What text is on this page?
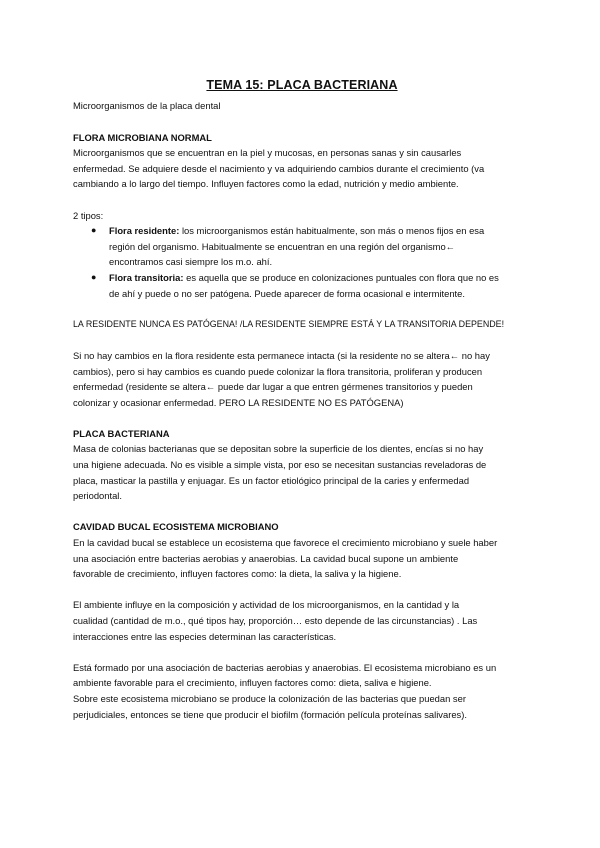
TEMA 15: PLACA BACTERIANA

Microorganismos de la placa dental

FLORA MICROBIANA NORMAL

Microorganismos que se encuentran en la piel y mucosas, en personas sanas y sin causarles

enfermedad. Se adquiere desde el nacimiento y va adquiriendo cambios durante el crecimiento (va

cambiando a lo largo del tiempo. Influyen factores como la edad, nutrición y medio ambiente.

2 tipos:

● Flora residente: los microorganismos están habitualmente, son más o menos fijos en esa
región del organismo. Habitualmente se encuentran en una región del organismo←
encontramos casi siempre los m.o. ahí.
● Flora transitoria: es aquella que se produce en colonizaciones puntuales con flora que no es
de ahí y puede o no ser patógena. Puede aparecer de forma ocasional e intermitente.

LA RESIDENTE NUNCA ES PATÓGENA! /LA RESIDENTE SIEMPRE ESTÁ Y LA TRANSITORIA DEPENDE!

Si no hay cambios en la flora residente esta permanece intacta (si la residente no se altera← no hay

cambios), pero si hay cambios es cuando puede colonizar la flora transitoria, proliferan y producen

enfermedad (residente se altera← puede dar lugar a que entren gérmenes transitorios y pueden

colonizar y ocasionar enfermedad. PERO LA RESIDENTE NO ES PATÓGENA)

PLACA BACTERIANA

Masa de colonias bacterianas que se depositan sobre la superficie de los dientes, encías si no hay

una higiene adecuada. No es visible a simple vista, por eso se necesitan sustancias reveladoras de

placa, masticar la pastilla y enjuagar. Es un factor etiológico principal de la caries y enfermedad

periodontal.

CAVIDAD BUCAL ECOSISTEMA MICROBIANO

En la cavidad bucal se establece un ecosistema que favorece el crecimiento microbiano y suele haber

una asociación entre bacterias aerobias y anaerobias. La cavidad bucal supone un ambiente

favorable de crecimiento, influyen factores como: la dieta, la saliva y la higiene.

El ambiente influye en la composición y actividad de los microorganismos, en la cantidad y la

cualidad (cantidad de m.o., qué tipos hay, proporción… esto depende de las circunstancias) . Las

interacciones entre las especies determinan las características.

Está formado por una asociación de bacterias aerobias y anaerobias. El ecosistema microbiano es un

ambiente favorable para el crecimiento, influyen factores como: dieta, saliva e higiene.

Sobre este ecosistema microbiano se produce la colonización de las bacterias que puedan ser

perjudiciales, entonces se tiene que producir el biofilm (formación película proteínas salivares).
